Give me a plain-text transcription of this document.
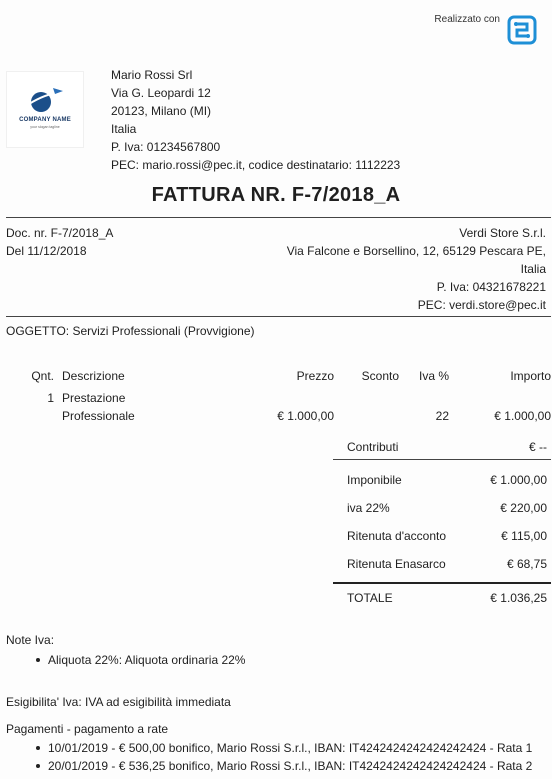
Realizzato con
COMPANY NAME
your slogan tagline
Mario Rossi Srl
Via G. Leopardi 12
20123, Milano (MI)
Italia
P. Iva: 01234567800
PEC: mario.rossi@pec.it, codice destinatario: 1112223
FATTURA NR. F-7/2018_A
Doc. nr. F-7/2018_A
Del 11/12/2018
Verdi Store S.r.l.
Via Falcone e Borsellino, 12, 65129 Pescara PE,
Italia
P. Iva: 04321678221
PEC: verdi.store@pec.it
OGGETTO: Servizi Professionali (Provvigione)
Qnt.	Descrizione	Prezzo	Sconto	Iva %	Importo
1	Prestazione
Professionale	€ 1.000,00		22	€ 1.000,00
Contributi	€ --
Imponibile	€ 1.000,00
iva 22%	€ 220,00
Ritenuta d'acconto	€ 115,00
Ritenuta Enasarco	€ 68,75
TOTALE	€ 1.036,25
Note Iva:
Aliquota 22%: Aliquota ordinaria 22%
Esigibilita' Iva: IVA ad esigibilità immediata
Pagamenti - pagamento a rate
10/01/2019 - € 500,00 bonifico, Mario Rossi S.r.l., IBAN: IT4242424242424242424 - Rata 1
20/01/2019 - € 536,25 bonifico, Mario Rossi S.r.l., IBAN: IT4242424242424242424 - Rata 2
